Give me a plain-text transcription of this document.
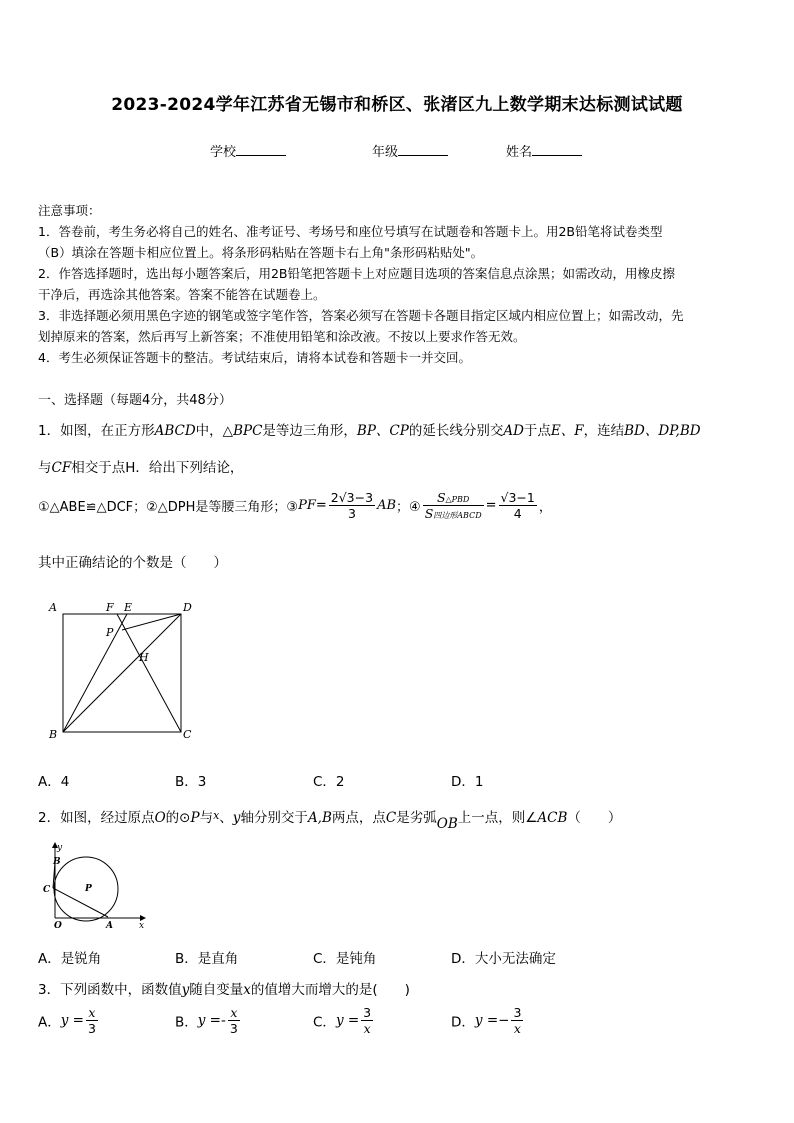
2023-2024学年江苏省无锡市和桥区、张渚区九上数学期末达标测试试题
学校	年级	姓名

注意事项：

1．答卷前，考生务必将自己的姓名、准考证号、考场号和座位号填写在试题卷和答题卡上。用2B铅笔将试卷类型

（B）填涂在答题卡相应位置上。将条形码粘贴在答题卡右上角"条形码粘贴处"。

2．作答选择题时，选出每小题答案后，用2B铅笔把答题卡上对应题目选项的答案信息点涂黑；如需改动，用橡皮擦

干净后，再选涂其他答案。答案不能答在试题卷上。

3．非选择题必须用黑色字迹的钢笔或签字笔作答，答案必须写在答题卡各题目指定区域内相应位置上；如需改动，先

划掉原来的答案，然后再写上新答案；不准使用铅笔和涂改液。不按以上要求作答无效。

4．考生必须保证答题卡的整洁。考试结束后，请将本试卷和答题卡一并交回。

一、选择题（每题4分，共48分）
1．如图，在正方形ABCD中，△BPC是等边三角形，BP、CP的延长线分别交AD于点E、F，连结BD、DP,BD
与CF相交于点H．给出下列结论，
①△ABE≌△DCF；②△DPH是等腰三角形；③PF= $\frac{2√3-3}{3}$ AB；④ $\frac{\text{S△PBD}}{\text{S四边形ABCD}} = \frac{√3-1}{4}$ ，
其中正确结论的个数是（　　）
A	F E	D
P
H
B	C
A．4	B．3	C．2	D．1
2．如图，经过原点O的⊙P与$^x$、y轴分别交于A,B两点，点C是劣弧OB上一点，则∠ACB（　　）
y
B
C	P
O	A	x
A．是锐角	B．是直角	C．是钝角	D．大小无法确定
3．下列函数中，函数值y随自变量x的值增大而增大的是(　　)
A．$y = \frac{x}{3}$	B．$y =- \frac{x}{3}$	C．$y = \frac{3}{x}$	D．$y =- \frac{3}{x}$
